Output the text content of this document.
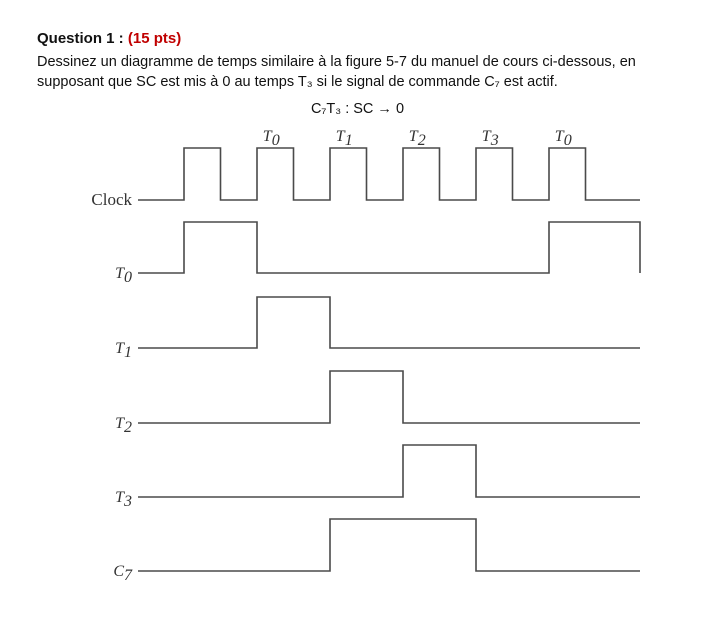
Question 1 : (15 pts)

Dessinez un diagramme de temps similaire à la figure 5-7 du manuel de cours ci-dessous, en
supposant que SC est mis à 0 au temps T₃ si le signal de commande C₇ est actif.

C₇T₃ : SC → 0
T0	T1	T2	T3	T0
Clock
T0
T1
T2
T3
C7
